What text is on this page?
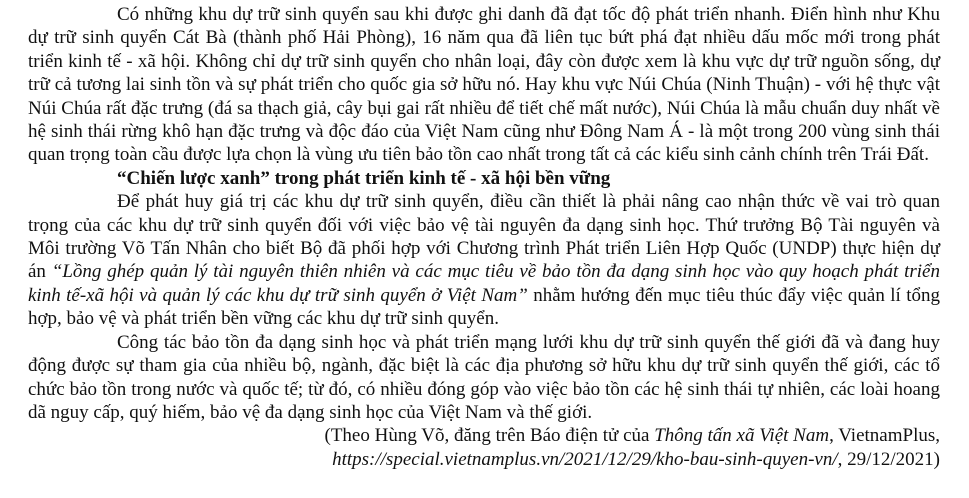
Có những khu dự trữ sinh quyển sau khi được ghi danh đã đạt tốc độ phát triển nhanh. Điển hình như Khu dự trữ sinh quyển Cát Bà (thành phố Hải Phòng), 16 năm qua đã liên tục bứt phá đạt nhiều dấu mốc mới trong phát triển kinh tế - xã hội. Không chỉ dự trữ sinh quyển cho nhân loại, đây còn được xem là khu vực dự trữ nguồn sống, dự trữ cả tương lai sinh tồn và sự phát triển cho quốc gia sở hữu nó. Hay khu vực Núi Chúa (Ninh Thuận) - với hệ thực vật Núi Chúa rất đặc trưng (đá sa thạch giả, cây bụi gai rất nhiều để tiết chế mất nước), Núi Chúa là mẫu chuẩn duy nhất về hệ sinh thái rừng khô hạn đặc trưng và độc đáo của Việt Nam cũng như Đông Nam Á - là một trong 200 vùng sinh thái quan trọng toàn cầu được lựa chọn là vùng ưu tiên bảo tồn cao nhất trong tất cả các kiểu sinh cảnh chính trên Trái Đất.

“Chiến lược xanh” trong phát triển kinh tế - xã hội bền vững

Để phát huy giá trị các khu dự trữ sinh quyển, điều cần thiết là phải nâng cao nhận thức về vai trò quan trọng của các khu dự trữ sinh quyển đối với việc bảo vệ tài nguyên đa dạng sinh học. Thứ trưởng Bộ Tài nguyên và Môi trường Võ Tấn Nhân cho biết Bộ đã phối hợp với Chương trình Phát triển Liên Hợp Quốc (UNDP) thực hiện dự án “Lồng ghép quản lý tài nguyên thiên nhiên và các mục tiêu về bảo tồn đa dạng sinh học vào quy hoạch phát triển kinh tế-xã hội và quản lý các khu dự trữ sinh quyển ở Việt Nam” nhằm hướng đến mục tiêu thúc đẩy việc quản lí tổng hợp, bảo vệ và phát triển bền vững các khu dự trữ sinh quyển.

Công tác bảo tồn đa dạng sinh học và phát triển mạng lưới khu dự trữ sinh quyển thế giới đã và đang huy động được sự tham gia của nhiều bộ, ngành, đặc biệt là các địa phương sở hữu khu dự trữ sinh quyển thế giới, các tổ chức bảo tồn trong nước và quốc tế; từ đó, có nhiều đóng góp vào việc bảo tồn các hệ sinh thái tự nhiên, các loài hoang dã nguy cấp, quý hiếm, bảo vệ đa dạng sinh học của Việt Nam và thế giới.

(Theo Hùng Võ, đăng trên Báo điện tử của Thông tấn xã Việt Nam, VietnamPlus,
https://special.vietnamplus.vn/2021/12/29/kho-bau-sinh-quyen-vn/, 29/12/2021)
